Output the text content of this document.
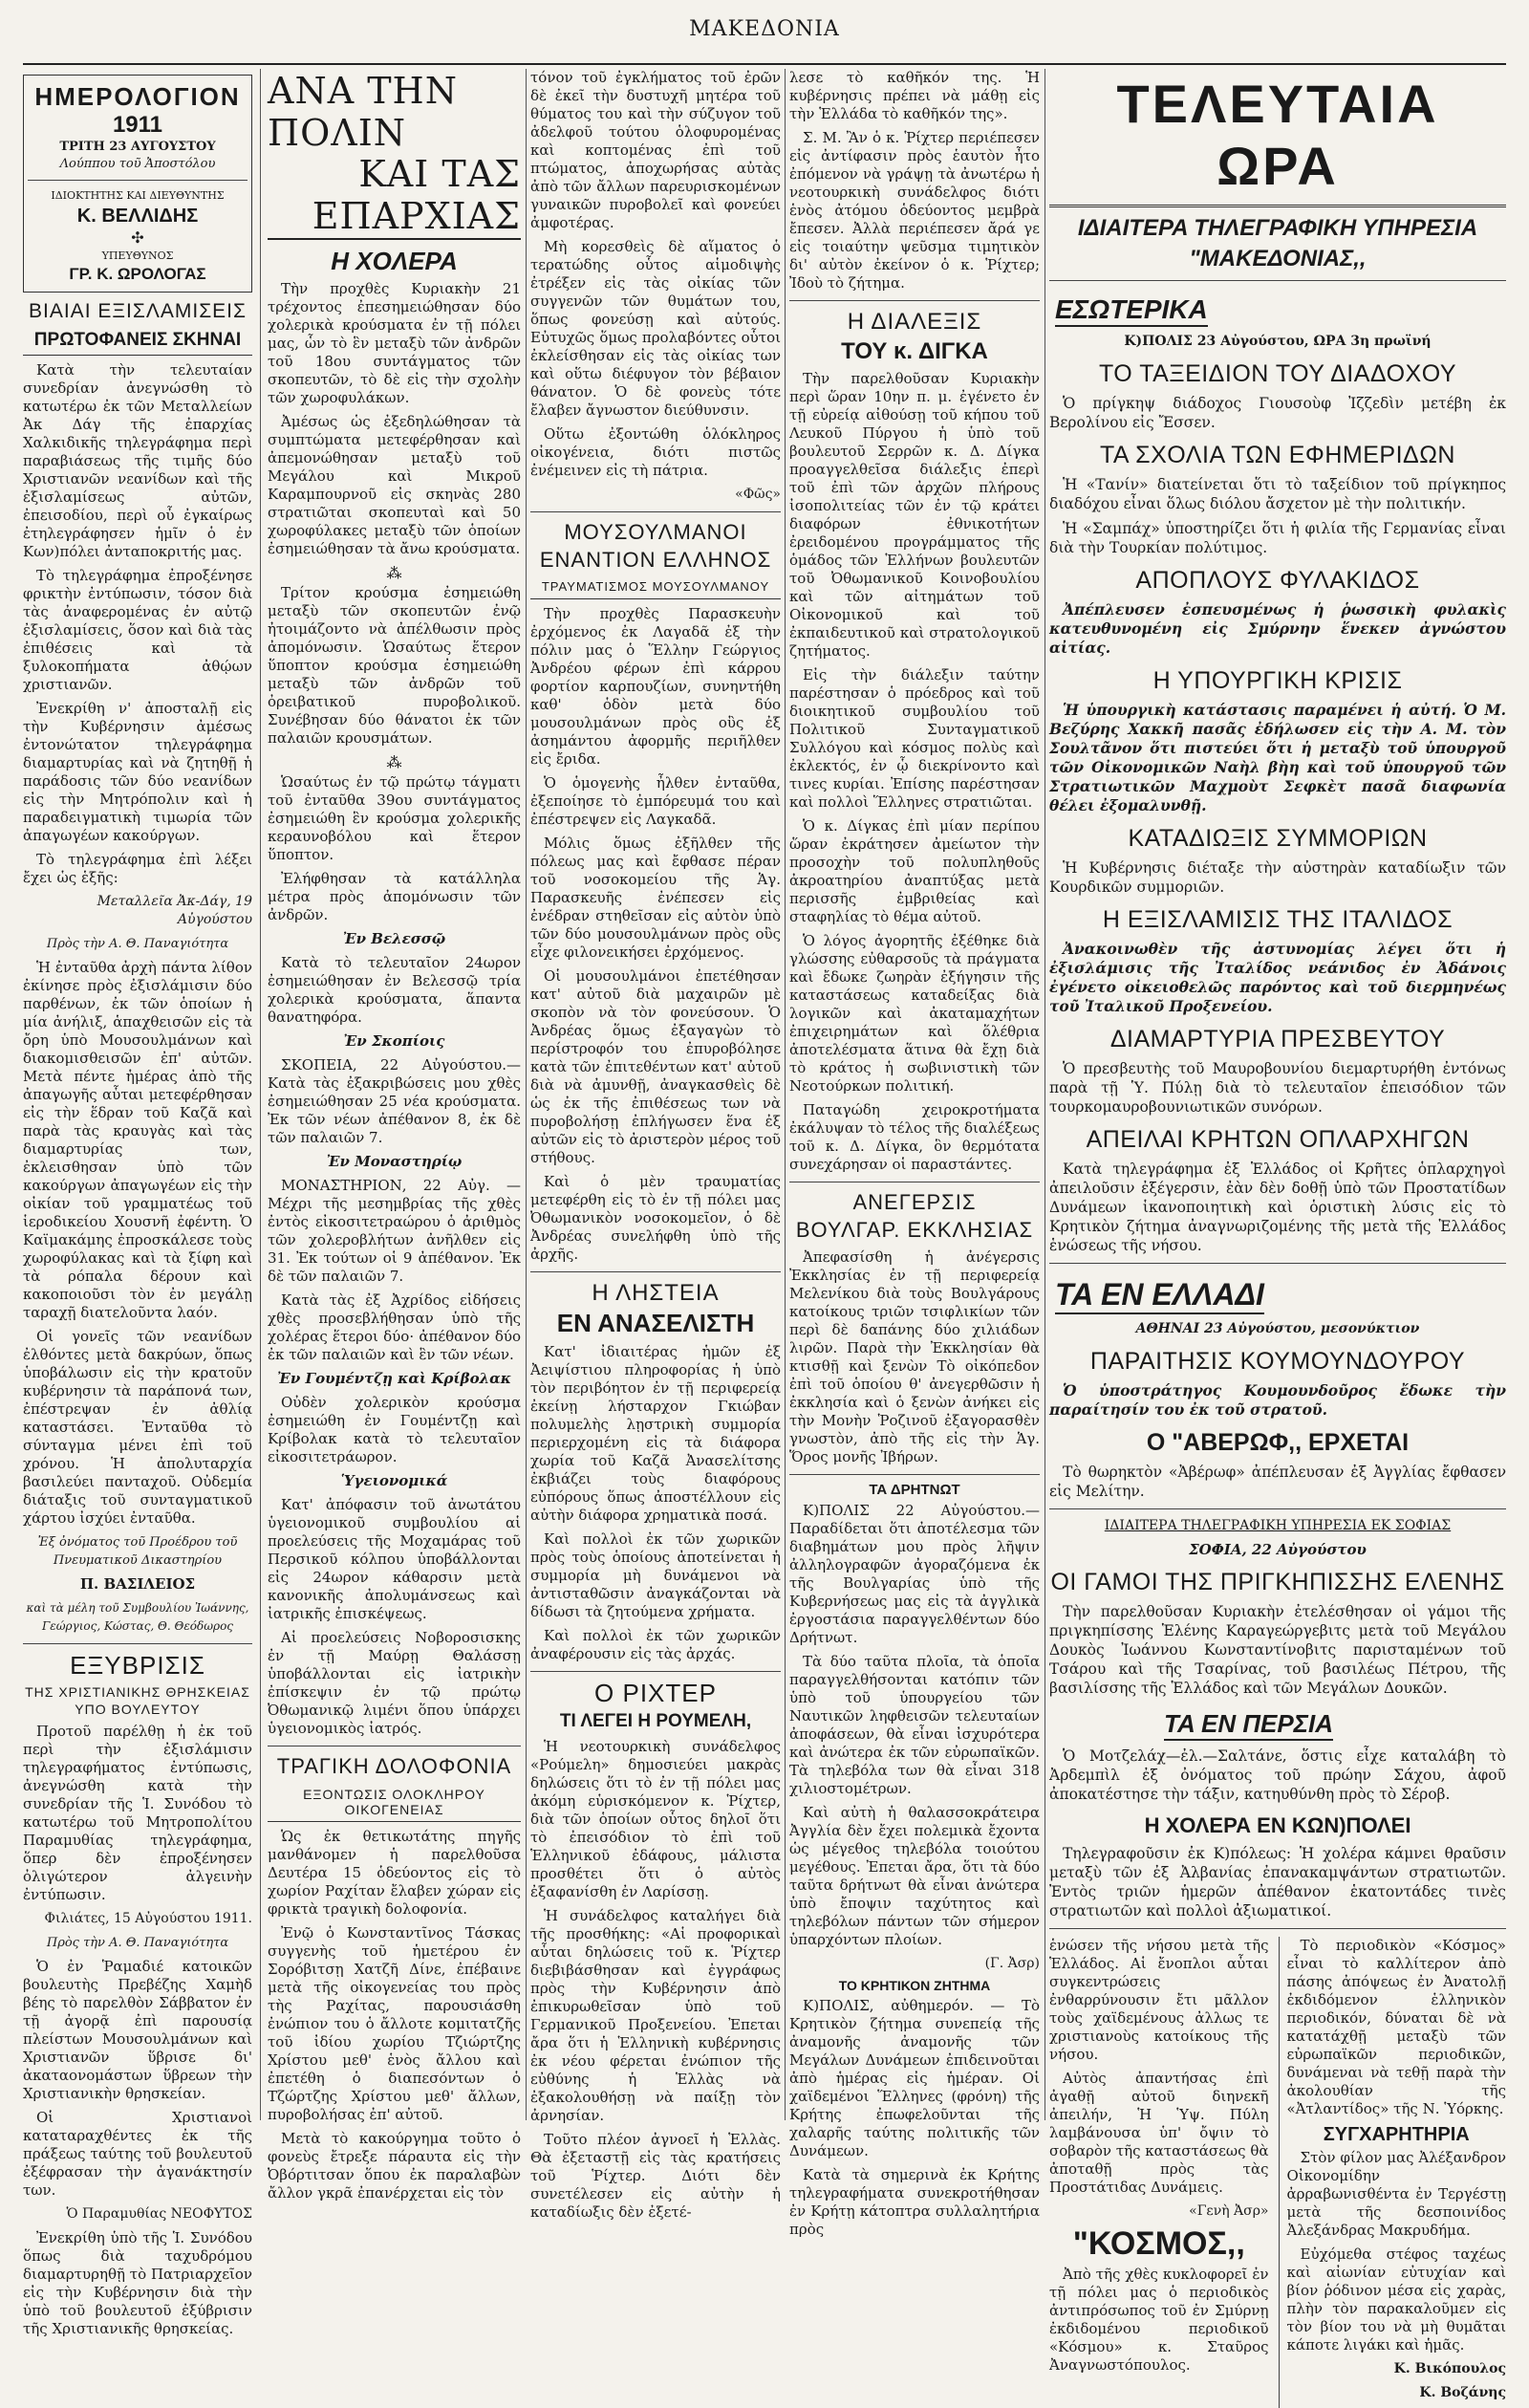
ΜΑΚΕΔΟΝΙΑ
ΗΜΕΡΟΛΟΓΙΟΝ
1911
ΤΡΙΤΗ 23 ΑΥΓΟΥΣΤΟΥ
Λούππου τοῦ Ἀποστόλου
ΙΔΙΟΚΤΗΤΗΣ ΚΑΙ ΔΙΕΥΘΥΝΤΗΣ
Κ. ΒΕΛΛΙΔΗΣ
✣
ΥΠΕΥΘΥΝΟΣ
ΓΡ. Κ. ΩΡΟΛΟΓΑΣ
ΒΙΑΙΑΙ ΕΞΙΣΛΑΜΙΣΕΙΣ
ΠΡΩΤΟΦΑΝΕΙΣ ΣΚΗΝΑΙ

Κατὰ τὴν τελευταίαν συνεδρίαν ἀνεγνώσθη τὸ κατωτέρω ἐκ τῶν Μεταλλείων Ἀκ Δάγ τῆς ἐπαρχίας Χαλκιδικῆς τηλεγράφημα περὶ παραβιάσεως τῆς τιμῆς δύο Χριστιανῶν νεανίδων καὶ τῆς ἐξισλαμίσεως αὐτῶν, ἐπεισοδίου, περὶ οὗ ἐγκαίρως ἐτηλεγράφησεν ἡμῖν ὁ ἐν Κων)πόλει ἀνταποκριτής μας.

Τὸ τηλεγράφημα ἐπροξένησε φρικτὴν ἐντύπωσιν, τόσον διὰ τὰς ἀναφερομένας ἐν αὐτῷ ἐξισλαμίσεις, ὅσον καὶ διὰ τὰς ἐπιθέσεις καὶ τὰ ξυλοκοπήματα ἀθῴων χριστιανῶν.

Ἐνεκρίθη ν' ἀποσταλῇ εἰς τὴν Κυβέρνησιν ἀμέσως ἐντονώτατον τηλεγράφημα διαμαρτυρίας καὶ νὰ ζητηθῇ ἡ παράδοσις τῶν δύο νεανίδων εἰς τὴν Μητρόπολιν καὶ ἡ παραδειγματικὴ τιμωρία τῶν ἀπαγωγέων κακούργων.

Τὸ τηλεγράφημα ἐπὶ λέξει ἔχει ὡς ἑξῆς:

Μεταλλεῖα Ἀκ-Δάγ, 19 Αὐγούστου

Πρὸς τὴν Α. Θ. Παναγιότητα

Ἡ ἐνταῦθα ἀρχὴ πάντα λίθον ἐκίνησε πρὸς ἐξισλάμισιν δύο παρθένων, ἐκ τῶν ὁποίων ἡ μία ἀνήλιξ, ἁπαχθεισῶν εἰς τὰ ὄρη ὑπὸ Μουσουλμάνων καὶ διακομισθεισῶν ἐπ' αὐτῶν. Μετὰ πέντε ἡμέρας ἀπὸ τῆς ἀπαγωγῆς αὗται μετεφέρθησαν εἰς τὴν ἕδραν τοῦ Καζᾶ καὶ παρὰ τὰς κραυγὰς καὶ τὰς διαμαρτυρίας των, ἐκλεισθησαν ὑπὸ τῶν κακούργων ἀπαγωγέων εἰς τὴν οἰκίαν τοῦ γραμματέως τοῦ ἱεροδικείου Χουσνῆ ἐφέντη. Ὁ Καϊμακάμης ἐπροσκάλεσε τοὺς χωροφύλακας καὶ τὰ ξίφη καὶ τὰ ρόπαλα δέρουν καὶ κακοποιοῦσι τὸν ἐν μεγάλῃ ταραχῇ διατελοῦντα λαόν.

Οἱ γονεῖς τῶν νεανίδων ἐλθόντες μετὰ δακρύων, ὅπως ὑποβάλωσιν εἰς τὴν κρατοῦν κυβέρνησιν τὰ παράπονά των, ἐπέστρεψαν ἐν ἀθλίᾳ καταστάσει. Ἐνταῦθα τὸ σύνταγμα μένει ἐπὶ τοῦ χρόνου. Ἡ ἀπολυταρχία βασιλεύει πανταχοῦ. Οὐδεμία διάταξις τοῦ συνταγματικοῦ χάρτου ἰσχύει ἐνταῦθα.

Ἐξ ὀνόματος τοῦ Προέδρου τοῦ Πνευματικοῦ Δικαστηρίου

Π. ΒΑΣΙΛΕΙΟΣ

καὶ τὰ μέλη τοῦ Συμβουλίου Ἰωάννης, Γεώργιος, Κώστας, Θ. Θεόδωρος

ΕΞΥΒΡΙΣΙΣ
ΤΗΣ ΧΡΙΣΤΙΑΝΙΚΗΣ ΘΡΗΣΚΕΙΑΣ
ΥΠΟ ΒΟΥΛΕΥΤΟΥ

Προτοῦ παρέλθῃ ἡ ἐκ τοῦ περὶ τὴν ἐξισλάμισιν τηλεγραφήματος ἐντύπωσις, ἀνεγνώσθη κατὰ τὴν συνεδρίαν τῆς Ἱ. Συνόδου τὸ κατωτέρω τοῦ Μητροπολίτου Παραμυθίας τηλεγράφημα, ὅπερ δὲν ἐπροξένησεν ὀλιγώτερον ἀλγεινὴν ἐντύπωσιν.

Φιλιάτες, 15 Αὐγούστου 1911.

Πρὸς τὴν Α. Θ. Παναγιότητα

Ὁ ἐν Ῥαμαδιέ κατοικῶν βουλευτὴς Πρεβέζης Χαμὴδ βέης τὸ παρελθὸν Σάββατον ἐν τῇ ἀγορᾷ ἐπὶ παρουσίᾳ πλείστων Μουσουλμάνων καὶ Χριστιανῶν ὕβρισε δι' ἀκαταονομάστων ὕβρεων τὴν Χριστιανικὴν θρησκείαν.

Οἱ Χριστιανοὶ καταταραχθέντες ἐκ τῆς πράξεως ταύτης τοῦ βουλευτοῦ ἐξέφρασαν τὴν ἀγανάκτησίν των.

Ὁ Παραμυθίας ΝΕΟΦΥΤΟΣ

Ἐνεκρίθη ὑπὸ τῆς Ἱ. Συνόδου ὅπως διὰ ταχυδρόμου διαμαρτυρηθῇ τὸ Πατριαρχεῖον εἰς τὴν Κυβέρνησιν διὰ τὴν ὑπὸ τοῦ βουλευτοῦ ἐξύβρισιν τῆς Χριστιανικῆς θρησκείας.

ΑΝΑ ΤΗΝ ΠΟΛΙΝ
ΚΑΙ ΤΑΣ ΕΠΑΡΧΙΑΣ
Η ΧΟΛΕΡΑ

Τὴν προχθὲς Κυριακὴν 21 τρέχοντος ἐπεσημειώθησαν δύο χολερικὰ κρούσματα ἐν τῇ πόλει μας, ὧν τὸ ἓν μεταξὺ τῶν ἀνδρῶν τοῦ 18ου συντάγματος τῶν σκοπευτῶν, τὸ δὲ εἰς τὴν σχολὴν τῶν χωροφυλάκων.

Ἀμέσως ὡς ἐξεδηλώθησαν τὰ συμπτώματα μετεφέρθησαν καὶ ἀπεμονώθησαν μεταξὺ τοῦ Μεγάλου καὶ Μικροῦ Καραμπουρνοῦ εἰς σκηνὰς 280 στρατιῶται σκοπευταὶ καὶ 50 χωροφύλακες μεταξὺ τῶν ὁποίων ἐσημειώθησαν τὰ ἄνω κρούσματα.

⁂

Τρίτον κρούσμα ἐσημειώθη μεταξὺ τῶν σκοπευτῶν ἐνῷ ἠτοιμάζοντο νὰ ἀπέλθωσιν πρὸς ἀπομόνωσιν. Ὡσαύτως ἕτερον ὕποπτον κρούσμα ἐσημειώθη μεταξὺ τῶν ἀνδρῶν τοῦ ὀρειβατικοῦ πυροβολικοῦ. Συνέβησαν δύο θάνατοι ἐκ τῶν παλαιῶν κρουσμάτων.

⁂

Ὡσαύτως ἐν τῷ πρώτῳ τάγματι τοῦ ἐνταῦθα 39ου συντάγματος ἐσημειώθη ἓν κρούσμα χολερικῆς κεραυνοβόλου καὶ ἕτερον ὕποπτον.

Ἐλήφθησαν τὰ κατάλληλα μέτρα πρὸς ἀπομόνωσιν τῶν ἀνδρῶν.

Ἐν Βελεσσῷ

Κατὰ τὸ τελευταῖον 24ωρον ἐσημειώθησαν ἐν Βελεσσῷ τρία χολερικὰ κρούσματα, ἅπαντα θανατηφόρα.

Ἐν Σκοπίοις

ΣΚΟΠΕΙΑ, 22 Αὐγούστου.— Κατὰ τὰς ἐξακριβώσεις μου χθὲς ἐσημειώθησαν 25 νέα κρούσματα. Ἐκ τῶν νέων ἀπέθανον 8, ἐκ δὲ τῶν παλαιῶν 7.

Ἐν Μοναστηρίῳ

ΜΟΝΑΣΤΗΡΙΟΝ, 22 Αὐγ. — Μέχρι τῆς μεσημβρίας τῆς χθὲς ἐντὸς εἰκοσιτετραώρου ὁ ἀριθμὸς τῶν χολεροβλήτων ἀνῆλθεν εἰς 31. Ἐκ τούτων οἱ 9 ἀπέθανον. Ἐκ δὲ τῶν παλαιῶν 7.

Κατὰ τὰς ἐξ Ἀχρίδος εἰδήσεις χθὲς προσεβλήθησαν ὑπὸ τῆς χολέρας ἕτεροι δύο· ἀπέθανον δύο ἐκ τῶν παλαιῶν καὶ ἓν τῶν νέων.

Ἐν Γουμέντζῃ καὶ Κρίβολακ

Οὐδὲν χολερικὸν κρούσμα ἐσημειώθη ἐν Γουμέντζῃ καὶ Κρίβολακ κατὰ τὸ τελευταῖον εἰκοσιτετράωρον.

Ὑγειονομικά

Κατ' ἀπόφασιν τοῦ ἀνωτάτου ὑγειονομικοῦ συμβουλίου αἱ προελεύσεις τῆς Μοχαμάρας τοῦ Περσικοῦ κόλπου ὑποβάλλονται εἰς 24ωρον κάθαρσιν μετὰ κανονικῆς ἀπολυμάνσεως καὶ ἰατρικῆς ἐπισκέψεως.

Αἱ προελεύσεις Νοβοροσισκης ἐν τῇ Μαύρῃ Θαλάσσῃ ὑποβάλλονται εἰς ἰατρικὴν ἐπίσκεψιν ἐν τῷ πρώτῳ Ὀθωμανικῷ λιμένι ὅπου ὑπάρχει ὑγειονομικὸς ἰατρός.

ΤΡΑΓΙΚΗ ΔΟΛΟΦΟΝΙΑ
ΕΞΟΝΤΩΣΙΣ ΟΛΟΚΛΗΡΟΥ ΟΙΚΟΓΕΝΕΙΑΣ

Ὡς ἐκ θετικωτάτης πηγῆς μανθάνομεν ἡ παρελθοῦσα Δευτέρα 15 ὁδεύοντος εἰς τὸ χωρίον Ραχίταν ἔλαβεν χώραν εἰς φρικτὰ τραγικὴ δολοφονία.

Ἐνῷ ὁ Κωνσταντῖνος Τάσκας συγγενὴς τοῦ ἡμετέρου ἐν Σορόβιτσῃ Χατζῆ Δίνε, ἐπέβαινε μετὰ τῆς οἰκογενείας του πρὸς τὴς Ραχίτας, παρουσιάσθη ἐνώπιον του ὁ ἄλλοτε κομιτατζῆς τοῦ ἰδίου χωρίου Τζιώρτζης Χρίστου μεθ' ἑνὸς ἄλλου καὶ ἐπετέθη ὁ διαπεσόντων ὁ Τζώρτζης Χρίστου μεθ' ἄλλων, πυροβολήσας ἐπ' αὐτοῦ.

Μετὰ τὸ κακούργημα τοῦτο ὁ φονεὺς ἔτρεξε πάραυτα εἰς τὴν Ὀβόρτιτσαν ὅπου ἐκ παραλαβὼν ἄλλον γκρᾶ ἐπανέρχεται εἰς τὸν

τόνον τοῦ ἐγκλήματος τοῦ ἐρῶν δὲ ἐκεῖ τὴν δυστυχῆ μητέρα τοῦ θύματος του καὶ τὴν σύζυγον τοῦ ἀδελφοῦ τούτου ὁλοφυρομένας καὶ κοπτομένας ἐπὶ τοῦ πτώματος, ἀποχωρήσας αὐτὰς ἀπὸ τῶν ἄλλων παρευρισκομένων γυναικῶν πυροβολεῖ καὶ φονεύει ἀμφοτέρας.

Μὴ κορεσθεὶς δὲ αἵματος ὁ τερατώδης οὗτος αἱμοδιψὴς ἐτρέξεν εἰς τὰς οἰκίας τῶν συγγενῶν τῶν θυμάτων του, ὅπως φονεύσῃ καὶ αὐτούς. Εὐτυχῶς ὅμως προλαβόντες οὗτοι ἐκλείσθησαν εἰς τὰς οἰκίας των καὶ οὕτω διέφυγον τὸν βέβαιον θάνατον. Ὁ δὲ φονεὺς τότε ἔλαβεν ἄγνωστον διεύθυνσιν.

Οὕτω ἐξοντώθη ὁλόκληρος οἰκογένεια, διότι πιστῶς ἐνέμεινεν εἰς τὴ πάτρια.

«Φῶς»

ΜΟΥΣΟΥΛΜΑΝΟΙ
ΕΝΑΝΤΙΟΝ ΕΛΛΗΝΟΣ
ΤΡΑΥΜΑΤΙΣΜΟΣ ΜΟΥΣΟΥΛΜΑΝΟΥ

Τὴν προχθὲς Παρασκευὴν ἐρχόμενος ἐκ Λαγαδᾶ ἐξ τὴν πόλιν μας ὁ Ἕλλην Γεώργιος Ἀνδρέου φέρων ἐπὶ κάρρου φορτίον καρπουζίων, συνηντήθη καθ' ὁδὸν μετὰ δύο μουσουλμάνων πρὸς οὓς ἐξ ἀσημάντου ἀφορμῆς περιῆλθεν εἰς ἔριδα.

Ὁ ὁμογενὴς ἦλθεν ἐνταῦθα, ἐξεποίησε τὸ ἐμπόρευμά του καὶ ἐπέστρεψεν εἰς Λαγκαδᾶ.

Μόλις ὅμως ἐξῆλθεν τῆς πόλεως μας καὶ ἔφθασε πέραν τοῦ νοσοκομείου τῆς Ἁγ. Παρασκευῆς ἐνέπεσεν εἰς ἐνέδραν στηθεῖσαν εἰς αὐτὸν ὑπὸ τῶν δύο μουσουλμάνων πρὸς οὓς εἶχε φιλονεικήσει ἐρχόμενος.

Οἱ μουσουλμάνοι ἐπετέθησαν κατ' αὐτοῦ διὰ μαχαιρῶν μὲ σκοπὸν νὰ τὸν φονεύσουν. Ὁ Ἀνδρέας ὅμως ἐξαγαγὼν τὸ περίστροφόν του ἐπυροβόλησε κατὰ τῶν ἐπιτεθέντων κατ' αὐτοῦ διὰ νὰ ἀμυνθῇ, ἀναγκασθεὶς δὲ ὡς ἐκ τῆς ἐπιθέσεως των νὰ πυροβολήσῃ ἐπλήγωσεν ἕνα ἐξ αὐτῶν εἰς τὸ ἀριστερὸν μέρος τοῦ στήθους.

Καὶ ὁ μὲν τραυματίας μετεφέρθη εἰς τὸ ἐν τῇ πόλει μας Ὀθωμανικὸν νοσοκομεῖον, ὁ δὲ Ἀνδρέας συνελήφθη ὑπὸ τῆς ἀρχῆς.

Η ΛΗΣΤΕΙΑ
ΕΝ ΑΝΑΣΕΛΙΣΤΗ

Κατ' ἰδιαιτέρας ἡμῶν ἐξ Ἀειψίστιου πληροφορίας ἡ ὑπὸ τὸν περιβόητον ἐν τῇ περιφερείᾳ ἐκείνῃ λήσταρχον Γκιώβαν πολυμελὴς λῃστρικὴ συμμορία περιερχομένη εἰς τὰ διάφορα χωρία τοῦ Καζᾶ Ἀνασελίτσης ἐκβιάζει τοὺς διαφόρους εὐπόρους ὅπως ἀποστέλλουν εἰς αὐτὴν διάφορα χρηματικὰ ποσά.

Καὶ πολλοὶ ἐκ τῶν χωρικῶν πρὸς τοὺς ὁποίους ἀποτείνεται ἡ συμμορία μὴ δυνάμενοι νὰ ἀντισταθῶσιν ἀναγκάζονται νὰ δίδωσι τὰ ζητούμενα χρήματα.

Καὶ πολλοὶ ἐκ τῶν χωρικῶν ἀναφέρουσιν εἰς τὰς ἀρχάς.

Ο ΡΙΧΤΕΡ
ΤΙ ΛΕΓΕΙ Η ΡΟΥΜΕΛΗ,

Ἡ νεοτουρκικὴ συνάδελφος «Ρούμελη» δημοσιεύει μακρὰς δηλώσεις ὅτι τὸ ἐν τῇ πόλει μας ἀκόμη εὑρισκόμενον κ. Ῥίχτερ, διὰ τῶν ὁποίων οὗτος δηλοῖ ὅτι τὸ ἐπεισόδιον τὸ ἐπὶ τοῦ Ἑλληνικοῦ ἐδάφους, μάλιστα προσθέτει ὅτι ὁ αὐτὸς ἐξαφανίσθη ἐν Λαρίσσῃ.

Ἡ συνάδελφος καταλήγει διὰ τῆς προσθήκης: «Αἱ προφορικαὶ αὗται δηλώσεις τοῦ κ. Ῥίχτερ διεβιβάσθησαν καὶ ἐγγράφως πρὸς τὴν Κυβέρνησιν ἀπὸ ἐπικυρωθεῖσαν ὑπὸ τοῦ Γερμανικοῦ Προξενείου. Ἐπεται ἄρα ὅτι ἡ Ἑλληνικὴ κυβέρνησις ἐκ νέου φέρεται ἐνώπιον τῆς εὐθύνης ἡ Ἑλλὰς νὰ ἐξακολουθήσῃ νὰ παίξῃ τὸν ἀρνησίαν.

Τοῦτο πλέον ἀγνοεῖ ἡ Ἑλλὰς. Θὰ ἐξεταστῇ εἰς τὰς κρατήσεις τοῦ Ῥίχτερ. Διότι δὲν συνετέλεσεν εἰς αὐτὴν ἡ καταδίωξις δὲν ἐξετέ-

λεσε τὸ καθῆκόν της. Ἡ κυβέρνησις πρέπει νὰ μάθῃ εἰς τὴν Ἑλλάδα τὸ καθῆκόν της».

Σ. Μ. Ἂν ὁ κ. Ῥίχτερ περιέπεσεν εἰς ἀντίφασιν πρὸς ἑαυτὸν ἦτο ἐπόμενον νὰ γράψῃ τὰ ἀνωτέρω ἡ νεοτουρκικὴ συνάδελφος διότι ἑνὸς ἀτόμου ὁδεύοντος μεμβρὰ ἔπεσεν. Ἀλλὰ περιέπεσεν ἄρά γε εἰς τοιαύτην ψεῦσμα τιμητικὸν δι' αὐτὸν ἐκείνον ὁ κ. Ῥίχτερ; Ἰδοὺ τὸ ζήτημα.

Η ΔΙΑΛΕΞΙΣ
ΤΟΥ κ. ΔΙΓΚΑ

Τὴν παρελθοῦσαν Κυριακὴν περὶ ὥραν 10ην π. μ. ἐγένετο ἐν τῇ εὐρείᾳ αἰθούσῃ τοῦ κήπου τοῦ Λευκοῦ Πύργου ἡ ὑπὸ τοῦ βουλευτοῦ Σερρῶν κ. Δ. Δίγκα προαγγελθεῖσα διάλεξις ἐπερὶ τοῦ ἐπὶ τῶν ἀρχῶν πλήρους ἰσοπολιτείας τῶν ἐν τῷ κράτει διαφόρων ἐθνικοτήτων ἐρειδομένου προγράμματος τῆς ὁμάδος τῶν Ἑλλήνων βουλευτῶν τοῦ Ὀθωμανικοῦ Κοινοβουλίου καὶ τῶν αἰτημάτων τοῦ Οἰκονομικοῦ καὶ τοῦ ἐκπαιδευτικοῦ καὶ στρατολογικοῦ ζητήματος.

Εἰς τὴν διάλεξιν ταύτην παρέστησαν ὁ πρόεδρος καὶ τοῦ διοικητικοῦ συμβουλίου τοῦ Πολιτικοῦ Συνταγματικοῦ Συλλόγου καὶ κόσμος πολὺς καὶ ἐκλεκτός, ἐν ᾧ διεκρίνοντο καὶ τινες κυρίαι. Ἐπίσης παρέστησαν καὶ πολλοὶ Ἕλληνες στρατιῶται.

Ὁ κ. Δίγκας ἐπὶ μίαν περίπου ὥραν ἐκράτησεν ἀμείωτον τὴν προσοχὴν τοῦ πολυπληθοῦς ἀκροατηρίου ἀναπτύξας μετὰ περισσῆς ἐμβριθείας καὶ σταφηλίας τὸ θέμα αὐτοῦ.

Ὁ λόγος ἀγορητῆς ἐξέθηκε διὰ γλώσσης εὐθαρσοῦς τὰ πράγματα καὶ ἔδωκε ζωηρὰν ἐξήγησιν τῆς καταστάσεως καταδείξας διὰ λογικῶν καὶ ἀκαταμαχήτων ἐπιχειρημάτων καὶ ὅλέθρια ἀποτελέσματα ἅτινα θὰ ἔχῃ διὰ τὸ κράτος ἡ σωβινιστικὴ τῶν Νεοτούρκων πολιτική.

Παταγώδη χειροκροτήματα ἐκάλυψαν τὸ τέλος τῆς διαλέξεως τοῦ κ. Δ. Δίγκα, ὃν θερμότατα συνεχάρησαν οἱ παραστάντες.

ΑΝΕΓΕΡΣΙΣ
ΒΟΥΛΓΑΡ. ΕΚΚΛΗΣΙΑΣ

Ἀπεφασίσθη ἡ ἀνέγερσις Ἐκκλησίας ἐν τῇ περιφερείᾳ Μελενίκου διὰ τοὺς Βουλγάρους κατοίκους τριῶν τσιφλικίων τῶν περὶ δὲ δαπάνης δύο χιλιάδων λιρῶν. Παρὰ τὴν Ἐκκλησίαν θὰ κτισθῇ καὶ ξενὼν Τὸ οἰκόπεδον ἐπὶ τοῦ ὁποίου θ' ἀνεγερθῶσιν ἡ ἐκκλησία καὶ ὁ ξενὼν ἀνήκει εἰς τὴν Μονὴν Ῥοζινοῦ ἐξαγορασθὲν γνωστὸν, ἀπὸ τῆς εἰς τὴν Ἁγ. Ὅρος μονῆς Ἰβήρων.

ΤΑ ΔΡΗΤΝΩΤ

Κ)ΠΟΛΙΣ 22 Αὐγούστου.— Παραδίδεται ὅτι ἀποτέλεσμα τῶν διαβημάτων μου πρὸς λῆψιν ἀλληλογραφῶν ἀγοραζόμενα ἐκ τῆς Βουλγαρίας ὑπὸ τῆς Κυβερνήσεως μας εἰς τὰ ἀγγλικὰ ἐργοστάσια παραγγελθέντων δύο Δρήτνωτ.

Τὰ δύο ταῦτα πλοῖα, τὰ ὁποῖα παραγγελθήσονται κατόπιν τῶν ὑπὸ τοῦ ὑπουργείου τῶν Ναυτικῶν ληφθεισῶν τελευταίων ἀποφάσεων, θὰ εἶναι ἰσχυρότερα καὶ ἀνώτερα ἐκ τῶν εὐρωπαϊκῶν. Τὰ τηλεβόλα των θὰ εἶναι 318 χιλιοστομέτρων.

Καὶ αὐτὴ ἡ θαλασσοκράτειρα Ἀγγλία δὲν ἔχει πολεμικὰ ἔχοντα ὡς μέγεθος τηλεβόλα τοιούτου μεγέθους. Ἐπεται ἄρα, ὅτι τὰ δύο ταῦτα δρήτνωτ θὰ εἶναι ἀνώτερα ὑπὸ ἔποψιν ταχύτητος καὶ τηλεβόλων πάντων τῶν σήμερον ὑπαρχόντων πλοίων.

(Γ. Ἀσρ)

ΤΟ ΚΡΗΤΙΚΟΝ ΖΗΤΗΜΑ

Κ)ΠΟΛΙΣ, αὐθημερόν. — Τὸ Κρητικὸν ζήτημα συνεπείᾳ τῆς ἀναμονῆς ἀναμονῆς τῶν Μεγάλων Δυνάμεων ἐπιδεινοῦται ἀπὸ ἡμέρας εἰς ἡμέραν. Οἱ χαϊδεμένοι Ἕλληνες (φρόνη) τῆς Κρήτης ἐπωφελοῦνται τῆς χαλαρῆς ταύτης πολιτικῆς τῶν Δυνάμεων.

Κατὰ τὰ σημερινὰ ἐκ Κρήτης τηλεγραφήματα συνεκροτήθησαν ἐν Κρήτῃ κάτοπτρα συλλαλητήρια πρὸς

ΤΕΛΕΥΤΑΙΑ ΩΡΑ
ΙΔΙΑΙΤΕΡΑ ΤΗΛΕΓΡΑΦΙΚΗ ΥΠΗΡΕΣΙΑ
"ΜΑΚΕΔΟΝΙΑΣ,,
ΕΣΩΤΕΡΙΚΑ

Κ)ΠΟΛΙΣ 23 Αὐγούστου, ΩΡΑ 3η πρωϊνή

ΤΟ ΤΑΞΕΙΔΙΟΝ ΤΟΥ ΔΙΑΔΟΧΟΥ

Ὁ πρίγκηψ διάδοχος Γιουσοὺφ Ἰζζεδὶν μετέβη ἐκ Βερολίνου εἰς Ἔσσεν.

ΤΑ ΣΧΟΛΙΑ ΤΩΝ ΕΦΗΜΕΡΙΔΩΝ

Ἡ «Τανίν» διατείνεται ὅτι τὸ ταξείδιον τοῦ πρίγκηπος διαδόχου εἶναι ὅλως διόλου ἄσχετον μὲ τὴν πολιτικήν.

Ἡ «Σαμπάχ» ὑποστηρίζει ὅτι ἡ φιλία τῆς Γερμανίας εἶναι διὰ τὴν Τουρκίαν πολύτιμος.

ΑΠΟΠΛΟΥΣ ΦΥΛΑΚΙΔΟΣ

Ἀπέπλευσεν ἐσπευσμένως ἡ ῥωσσικὴ φυλακὶς κατευθυνομένη εἰς Σμύρνην ἕνεκεν ἀγνώστου αἰτίας.

Η ΥΠΟΥΡΓΙΚΗ ΚΡΙΣΙΣ

Ἡ ὑπουργικὴ κατάστασις παραμένει ἡ αὐτή. Ὁ Μ. Βεζύρης Χακκῆ πασᾶς ἐδήλωσεν εἰς τὴν Α. Μ. τὸν Σουλτᾶνον ὅτι πιστεύει ὅτι ἡ μεταξὺ τοῦ ὑπουργοῦ τῶν Οἰκονομικῶν Ναὴλ βὴη καὶ τοῦ ὑπουργοῦ τῶν Στρατιωτικῶν Μαχμοὺτ Σεφκὲτ πασᾶ διαφωνία θέλει ἐξομαλυνθῇ.

ΚΑΤΑΔΙΩΞΙΣ ΣΥΜΜΟΡΙΩΝ

Ἡ Κυβέρνησις διέταξε τὴν αὐστηρὰν καταδίωξιν τῶν Κουρδικῶν συμμοριῶν.

Η ΕΞΙΣΛΑΜΙΣΙΣ ΤΗΣ ΙΤΑΛΙΔΟΣ

Ἀνακοινωθὲν τῆς ἀστυνομίας λέγει ὅτι ἡ ἐξισλάμισις τῆς Ἰταλίδος νεάνιδος ἐν Ἀδάνοις ἐγένετο οἰκειοθελῶς παρόντος καὶ τοῦ διερμηνέως τοῦ Ἰταλικοῦ Προξενείου.

ΔΙΑΜΑΡΤΥΡΙΑ ΠΡΕΣΒΕΥΤΟΥ

Ὁ πρεσβευτὴς τοῦ Μαυροβουνίου διεμαρτυρήθη ἐντόνως παρὰ τῇ Ὑ. Πύλῃ διὰ τὸ τελευταῖον ἐπεισόδιον τῶν τουρκομαυροβουνιωτικῶν συνόρων.

ΑΠΕΙΛΑΙ ΚΡΗΤΩΝ ΟΠΛΑΡΧΗΓΩΝ

Κατὰ τηλεγράφημα ἐξ Ἑλλάδος οἱ Κρῆτες ὁπλαρχηγοὶ ἀπειλοῦσιν ἐξέγερσιν, ἐὰν δὲν δοθῇ ὑπὸ τῶν Προστατίδων Δυνάμεων ἱκανοποιητικὴ καὶ ὁριστικὴ λύσις εἰς τὸ Κρητικὸν ζήτημα ἀναγνωριζομένης τῆς μετὰ τῆς Ἑλλάδος ἑνώσεως τῆς νήσου.

ΤΑ ΕΝ ΕΛΛΑΔΙ

ΑΘΗΝΑΙ 23 Αὐγούστου, μεσονύκτιον

ΠΑΡΑΙΤΗΣΙΣ ΚΟΥΜΟΥΝΔΟΥΡΟΥ

Ὁ ὑποστράτηγος Κουμουνδοῦρος ἔδωκε τὴν παραίτησίν του ἐκ τοῦ στρατοῦ.

Ο "ΑΒΕΡΩΦ,, ΕΡΧΕΤΑΙ

Τὸ θωρηκτὸν «Ἀβέρωφ» ἀπέπλευσαν ἐξ Ἀγγλίας ἔφθασεν εἰς Μελίτην.

ΙΔΙΑΙΤΕΡΑ ΤΗΛΕΓΡΑΦΙΚΗ ΥΠΗΡΕΣΙΑ ΕΚ ΣΟΦΙΑΣ

ΣΟΦΙΑ, 22 Αὐγούστου

ΟΙ ΓΑΜΟΙ ΤΗΣ ΠΡΙΓΚΗΠΙΣΣΗΣ ΕΛΕΝΗΣ

Τὴν παρελθοῦσαν Κυριακὴν ἐτελέσθησαν οἱ γάμοι τῆς πριγκηπίσσης Ἑλένης Καραγεώργεβιτς μετὰ τοῦ Μεγάλου Δουκὸς Ἰωάννου Κωνσταντίνοβιτς παρισταμένων τοῦ Τσάρου καὶ τῆς Τσαρίνας, τοῦ βασιλέως Πέτρου, τῆς βασιλίσσης τῆς Ἑλλάδος καὶ τῶν Μεγάλων Δουκῶν.

ΤΑ ΕΝ ΠΕΡΣΙΑ

Ὁ Μοτζελάχ—ἐλ.—Σαλτάνε, ὅστις εἶχε καταλάβη τὸ Ἀρδεμπὶλ ἐξ ὀνόματος τοῦ πρώην Σάχου, ἀφοῦ ἀποκατέστησε τὴν τάξιν, κατηυθύνθη πρὸς τὸ Σέροβ.

Η ΧΟΛΕΡΑ ΕΝ ΚΩΝ)ΠΟΛΕΙ

Τηλεγραφοῦσιν ἐκ Κ)πόλεως: Ἡ χολέρα κάμνει θραῦσιν μεταξὺ τῶν ἐξ Ἀλβανίας ἐπανακαμψάντων στρατιωτῶν. Ἐντὸς τριῶν ἡμερῶν ἀπέθανον ἑκατοντάδες τινὲς στρατιωτῶν καὶ πολλοὶ ἀξιωματικοί.

ἑνώσεν τῆς νήσου μετὰ τῆς Ἑλλάδος. Αἱ ἔνοπλοι αὗται συγκεντρώσεις ἐνθαρρύνουσιν ἔτι μᾶλλον τοὺς χαϊδεμένους ἀλλως τε χριστιανοὺς κατοίκους τῆς νήσου.

Αὐτὸς ἀπαντήσας ἐπὶ ἀγαθῇ αὐτοῦ διηνεκῆ ἀπειλήν, Ἡ Ὑψ. Πύλη λαμβάνουσα ὑπ' ὄψιν τὸ σοβαρὸν τῆς καταστάσεως θὰ ἀποταθῇ πρὸς τὰς Προστάτιδας Δυνάμεις.

«Γενὴ Ἀσρ»

"ΚΟΣΜΟΣ,,

Ἀπὸ τῆς χθὲς κυκλοφορεῖ ἐν τῇ πόλει μας ὁ περιοδικὸς ἀντιπρόσωπος τοῦ ἐν Σμύρνῃ ἐκδιδομένου περιοδικοῦ «Κόσμου» κ. Σταῦρος Ἀναγνωστόπουλος.

Τὸ περιοδικὸν «Κόσμος» εἶναι τὸ καλλίτερον ἀπὸ πάσης ἀπόψεως ἐν Ἀνατολῇ ἐκδιδόμενον ἑλληνικὸν περιοδικόν, δύναται δὲ νὰ κατατάχθῇ μεταξὺ τῶν εὐρωπαϊκῶν περιοδικῶν, δυνάμεναι νὰ τεθῇ παρὰ τὴν ἀκολουθίαν τῆς «Ἀτλαντίδος» τῆς Ν. Ὑόρκης.

ΣΥΓΧΑΡΗΤΗΡΙΑ

Στὸν φίλον μας Ἀλέξανδρον Οἰκονομίδην ἀρραβωνισθέντα ἐν Τεργέστῃ μετὰ τῆς δεσποινίδος Ἀλεξάνδρας Μακρυδήμα.

Εὐχόμεθα στέφος ταχέως καὶ αἰωνίαν εὐτυχίαν καὶ βίον ῥόδινον μέσα εἰς χαρὰς, πλὴν τὸν παρακαλοῦμεν εἰς τὸν βίον του νὰ μὴ θυμᾶται κάποτε λιγάκι καὶ ἡμᾶς.

Κ. Βικόπουλος

Κ. Βοζάνης
